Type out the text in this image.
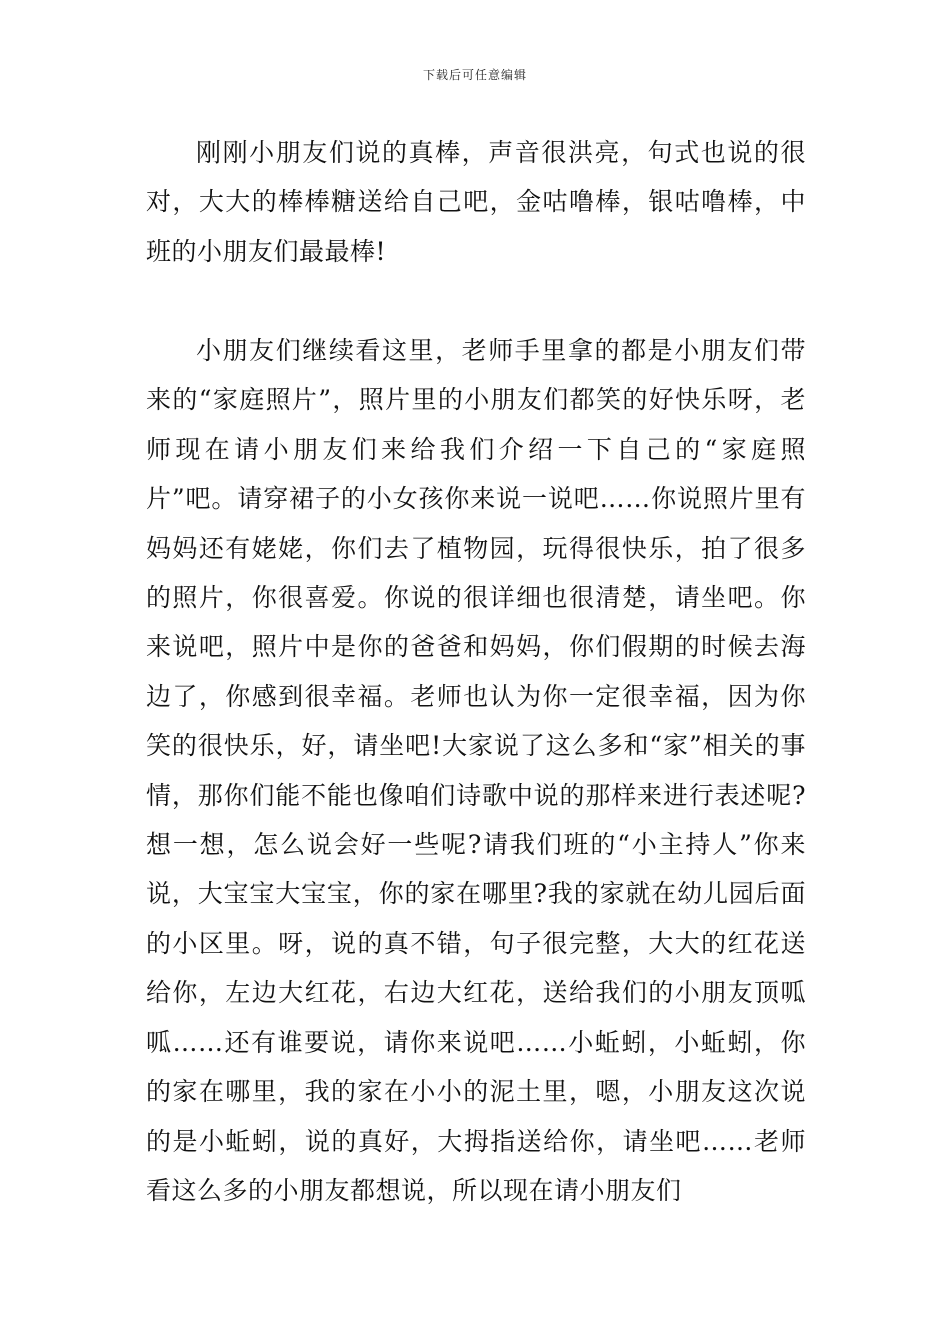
下载后可任意编辑

刚刚小朋友们说的真棒，声音很洪亮，句式也说的很对，大大的棒棒糖送给自己吧，金咕噜棒，银咕噜棒，中班的小朋友们最最棒!

小朋友们继续看这里，老师手里拿的都是小朋友们带来的“家庭照片”，照片里的小朋友们都笑的好快乐呀，老师现在请小朋友们来给我们介绍一下自己的“家庭照片”吧。请穿裙子的小女孩你来说一说吧……你说照片里有妈妈还有姥姥，你们去了植物园，玩得很快乐，拍了很多的照片，你很喜爱。你说的很详细也很清楚，请坐吧。你来说吧，照片中是你的爸爸和妈妈，你们假期的时候去海边了，你感到很幸福。老师也认为你一定很幸福，因为你笑的很快乐，好，请坐吧!大家说了这么多和“家”相关的事情，那你们能不能也像咱们诗歌中说的那样来进行表述呢?想一想，怎么说会好一些呢?请我们班的“小主持人”你来说，大宝宝大宝宝，你的家在哪里?我的家就在幼儿园后面的小区里。呀，说的真不错，句子很完整，大大的红花送给你，左边大红花，右边大红花，送给我们的小朋友顶呱呱……还有谁要说，请你来说吧……小蚯蚓，小蚯蚓，你的家在哪里，我的家在小小的泥土里，嗯，小朋友这次说的是小蚯蚓，说的真好，大拇指送给你，请坐吧……老师看这么多的小朋友都想说，所以现在请小朋友们
